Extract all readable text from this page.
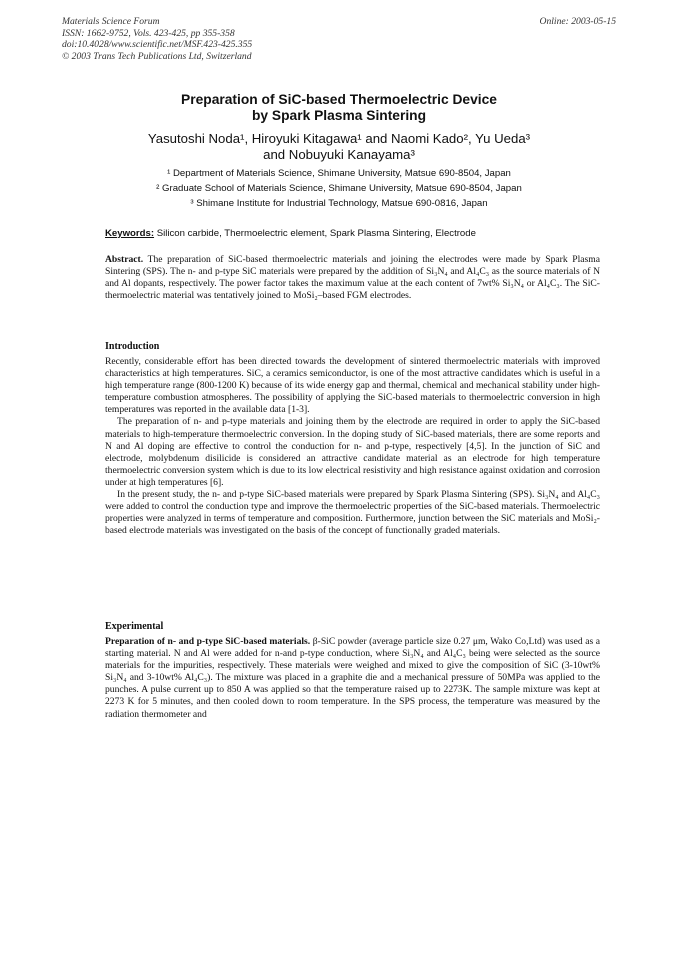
Materials Science Forum
ISSN: 1662-9752, Vols. 423-425, pp 355-358
doi:10.4028/www.scientific.net/MSF.423-425.355
© 2003 Trans Tech Publications Ltd, Switzerland
Online: 2003-05-15
Preparation of SiC-based Thermoelectric Device
by Spark Plasma Sintering
Yasutoshi Noda¹, Hiroyuki Kitagawa¹ and Naomi Kado², Yu Ueda³
and Nobuyuki Kanayama³
¹ Department of Materials Science, Shimane University, Matsue 690-8504, Japan
² Graduate School of Materials Science, Shimane University, Matsue 690-8504, Japan
³ Shimane Institute for Industrial Technology, Matsue 690-0816, Japan
Keywords: Silicon carbide, Thermoelectric element, Spark Plasma Sintering, Electrode
Abstract. The preparation of SiC-based thermoelectric materials and joining the electrodes were made by Spark Plasma Sintering (SPS). The n- and p-type SiC materials were prepared by the addition of Si₃N₄ and Al₄C₃ as the source materials of N and Al dopants, respectively. The power factor takes the maximum value at the each content of 7wt% Si₃N₄ or Al₄C₃. The SiC-thermoelectric material was tentatively joined to MoSi₂–based FGM electrodes.
Introduction

Recently, considerable effort has been directed towards the development of sintered thermoelectric materials with improved characteristics at high temperatures. SiC, a ceramics semiconductor, is one of the most attractive candidates which is useful in a high temperature range (800-1200 K) because of its wide energy gap and thermal, chemical and mechanical stability under high-temperature combustion atmospheres. The possibility of applying the SiC-based materials to thermoelectric conversion in high temperatures was reported in the available data [1-3].

The preparation of n- and p-type materials and joining them by the electrode are required in order to apply the SiC-based materials to high-temperature thermoelectric conversion. In the doping study of SiC-based materials, there are some reports and N and Al doping are effective to control the conduction for n- and p-type, respectively [4,5]. In the junction of SiC and electrode, molybdenum disilicide is considered an attractive candidate material as an electrode for high temperature thermoelectric conversion system which is due to its low electrical resistivity and high resistance against oxidation and corrosion under at high temperatures [6].

In the present study, the n- and p-type SiC-based materials were prepared by Spark Plasma Sintering (SPS). Si₃N₄ and Al₄C₃ were added to control the conduction type and improve the thermoelectric properties of the SiC-based materials. Thermoelectric properties were analyzed in terms of temperature and composition. Furthermore, junction between the SiC materials and MoSi₂-based electrode materials was investigated on the basis of the concept of functionally graded materials.

Experimental

Preparation of n- and p-type SiC-based materials. β-SiC powder (average particle size 0.27 μm, Wako Co,Ltd) was used as a starting material. N and Al were added for n-and p-type conduction, where Si₃N₄ and Al₄C₃ being were selected as the source materials for the impurities, respectively. These materials were weighed and mixed to give the composition of SiC (3-10wt% Si₃N₄ and 3-10wt% Al₄C₃). The mixture was placed in a graphite die and a mechanical pressure of 50MPa was applied to the punches. A pulse current up to 850 A was applied so that the temperature raised up to 2273K. The sample mixture was kept at 2273 K for 5 minutes, and then cooled down to room temperature. In the SPS process, the temperature was measured by the radiation thermometer and
